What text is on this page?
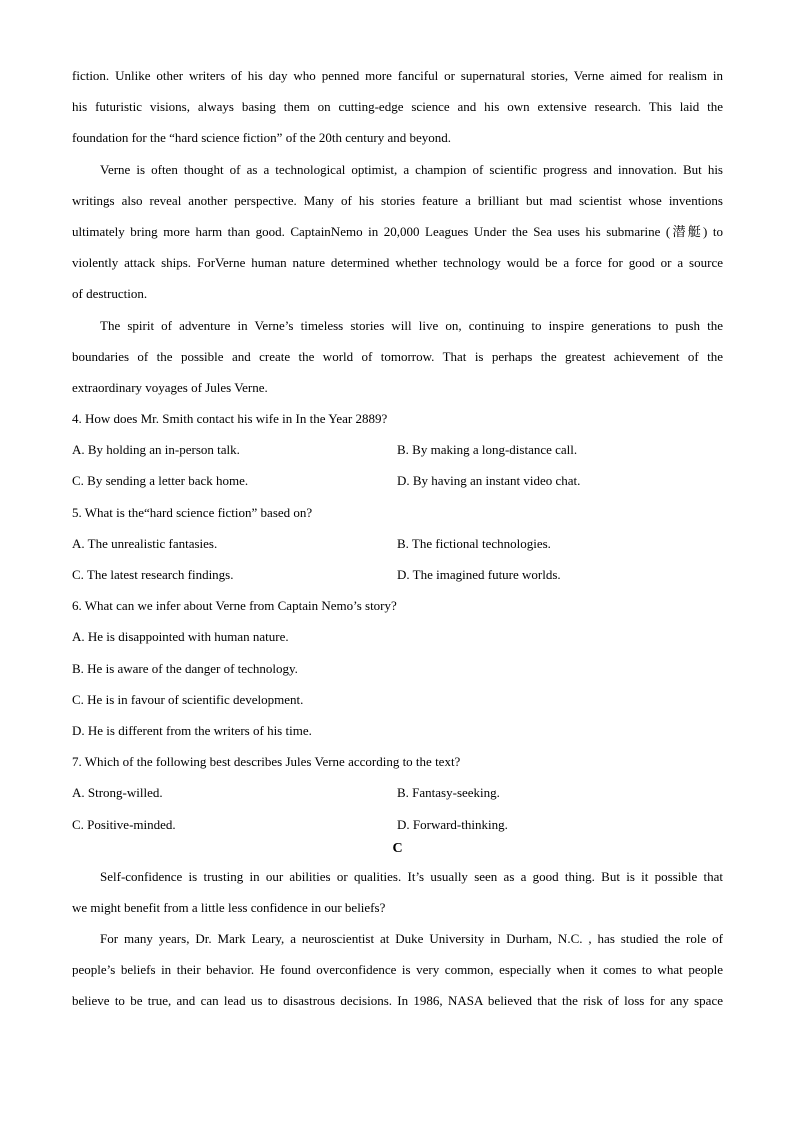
fiction. Unlike other writers of his day who penned more fanciful or supernatural stories, Verne aimed for realism in
his futuristic visions, always basing them on cutting-edge science and his own extensive research. This laid the
foundation for the “hard science fiction” of the 20th century and beyond.
Verne is often thought of as a technological optimist, a champion of scientific progress and innovation. But his
writings also reveal another perspective. Many of his stories feature a brilliant but mad scientist whose inventions
ultimately bring more harm than good. CaptainNemo in 20,000 Leagues Under the Sea uses his submarine (潜艇) to
violently attack ships. ForVerne human nature determined whether technology would be a force for good or a source
of destruction.
The spirit of adventure in Verne’s timeless stories will live on, continuing to inspire generations to push the
boundaries of the possible and create the world of tomorrow. That is perhaps the greatest achievement of the
extraordinary voyages of Jules Verne.
4. How does Mr. Smith contact his wife in In the Year 2889?
A. By holding an in-person talk.	B. By making a long-distance call.
C. By sending a letter back home.	D. By having an instant video chat.
5. What is the“hard science fiction” based on?
A. The unrealistic fantasies.	B. The fictional technologies.
C. The latest research findings.	D. The imagined future worlds.
6. What can we infer about Verne from Captain Nemo’s story?
A. He is disappointed with human nature.
B. He is aware of the danger of technology.
C. He is in favour of scientific development.
D. He is different from the writers of his time.
7. Which of the following best describes Jules Verne according to the text?
A. Strong-willed.	B. Fantasy-seeking.
C. Positive-minded.	D. Forward-thinking.
C
Self-confidence is trusting in our abilities or qualities. It’s usually seen as a good thing. But is it possible that
we might benefit from a little less confidence in our beliefs?
For many years, Dr. Mark Leary, a neuroscientist at Duke University in Durham, N.C. , has studied the role of
people’s beliefs in their behavior. He found overconfidence is very common, especially when it comes to what people
believe to be true, and can lead us to disastrous decisions. In 1986, NASA believed that the risk of loss for any space
